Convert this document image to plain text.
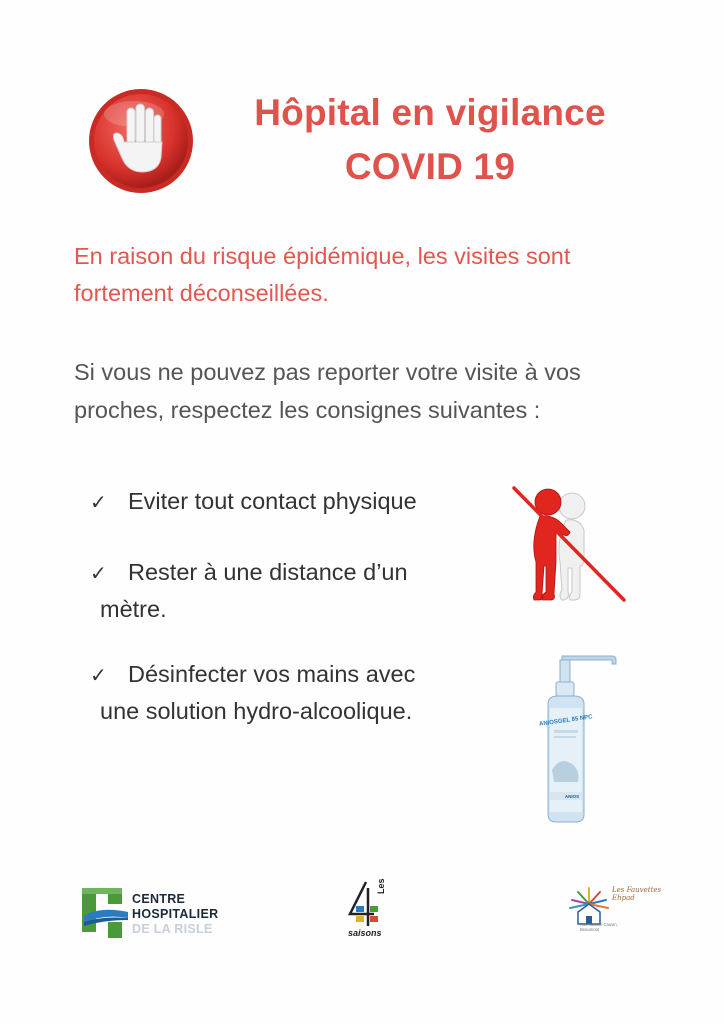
Hôpital en vigilance
COVID 19
En raison du risque épidémique, les visites sont fortement déconseillées.
Si vous ne pouvez pas reporter votre visite à vos proches, respectez les consignes suivantes :
✓ Eviter tout contact physique
✓ Rester à une distance d’un
mètre.
✓ Désinfecter vos mains avec
une solution hydro-alcoolique.	ANIOSGEL 85 NPC
ANIOS
CENTRE
HOSPITALIER
DE LA RISLE
Les
saisons
Les Fauvettes Ehpad
Rue Gaston Cauvin, Beaumont
